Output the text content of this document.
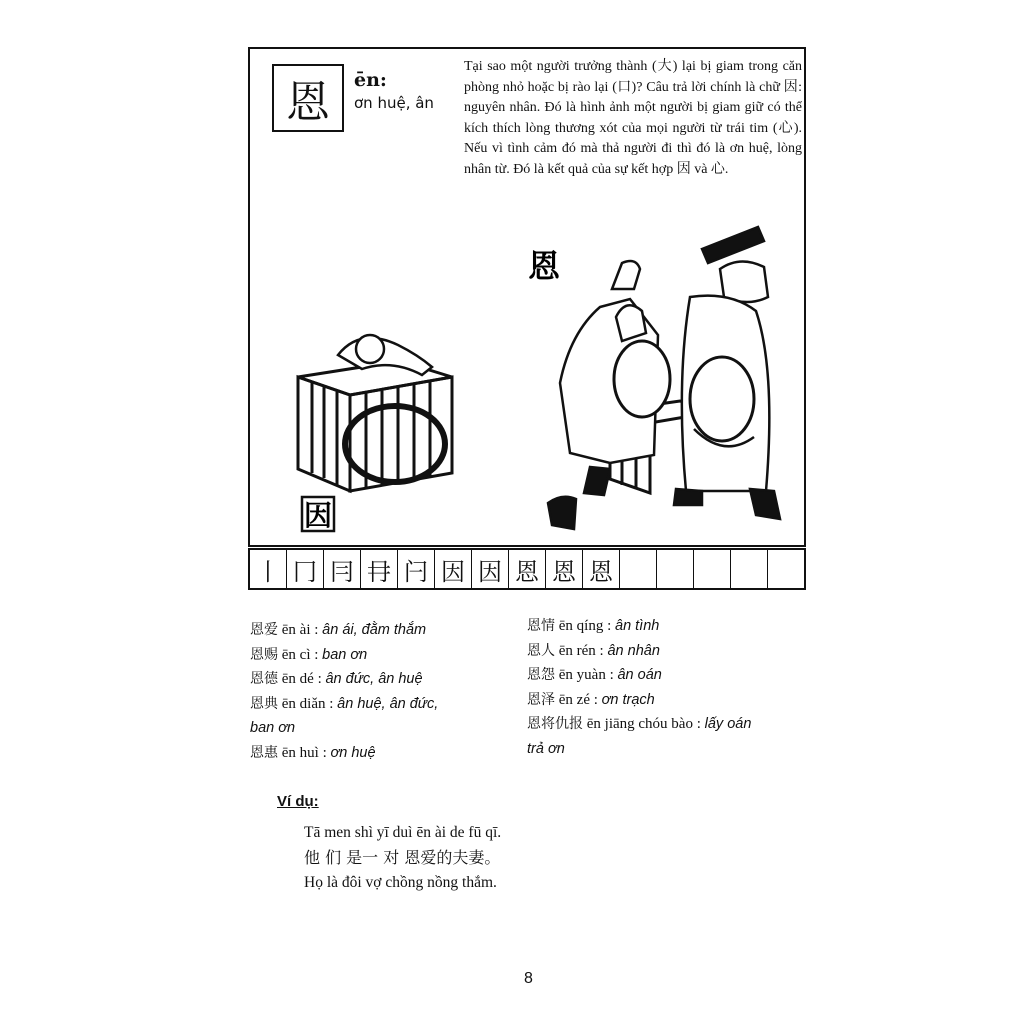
恩 ēn:
ơn huệ, ân
Tại sao một người trưởng thành (大) lại bị giam trong căn phòng nhỏ hoặc bị rào lại (口)? Câu trả lời chính là chữ 因: nguyên nhân. Đó là hình ảnh một người bị giam giữ có thể kích thích lòng thương xót của mọi người từ trái tim (心). Nếu vì tình cảm đó mà thả người đi thì đó là ơn huệ, lòng nhân từ. Đó là kết quả của sự kết hợp 因 và 心.
恩
因
丨 冂 冃 冄 闩 因 因 恩 恩 恩
恩爱 ēn ài : ân ái, đằm thắm
恩赐 ēn cì : ban ơn
恩德 ēn dé : ân đức, ân huệ
恩典 ēn diǎn : ân huệ, ân đức,
ban ơn
恩惠 ēn huì : ơn huệ
恩情 ēn qíng : ân tình
恩人 ēn rén : ân nhân
恩怨 ēn yuàn : ân oán
恩泽 ēn zé : ơn trạch
恩将仇报 ēn jiāng chóu bào : lấy oán
trả ơn
Ví dụ:
Tā men shì yī duì ēn ài de fū qī.
他 们 是一 对 恩爱的夫妻。
Họ là đôi vợ chồng nồng thắm.
8
